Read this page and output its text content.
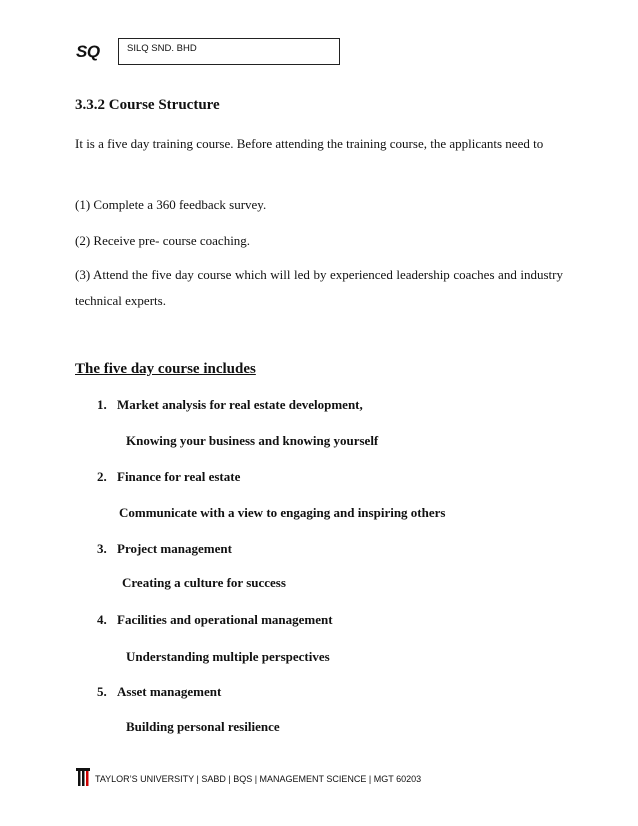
SQ	SILQ SND. BHD
3.3.2 Course Structure
It is a five day training course. Before attending the training course, the applicants need to
(1) Complete a 360 feedback survey.
(2) Receive pre- course coaching.
(3) Attend the five day course which will led by experienced leadership coaches and industry technical experts.
The five day course includes
1. Market analysis for real estate development,
Knowing your business and knowing yourself
2. Finance for real estate
Communicate with a view to engaging and inspiring others
3. Project management
Creating a culture for success
4. Facilities and operational management
Understanding multiple perspectives
5. Asset management
Building personal resilience
TAYLOR’S UNIVERSITY | SABD | BQS | MANAGEMENT SCIENCE | MGT 60203
